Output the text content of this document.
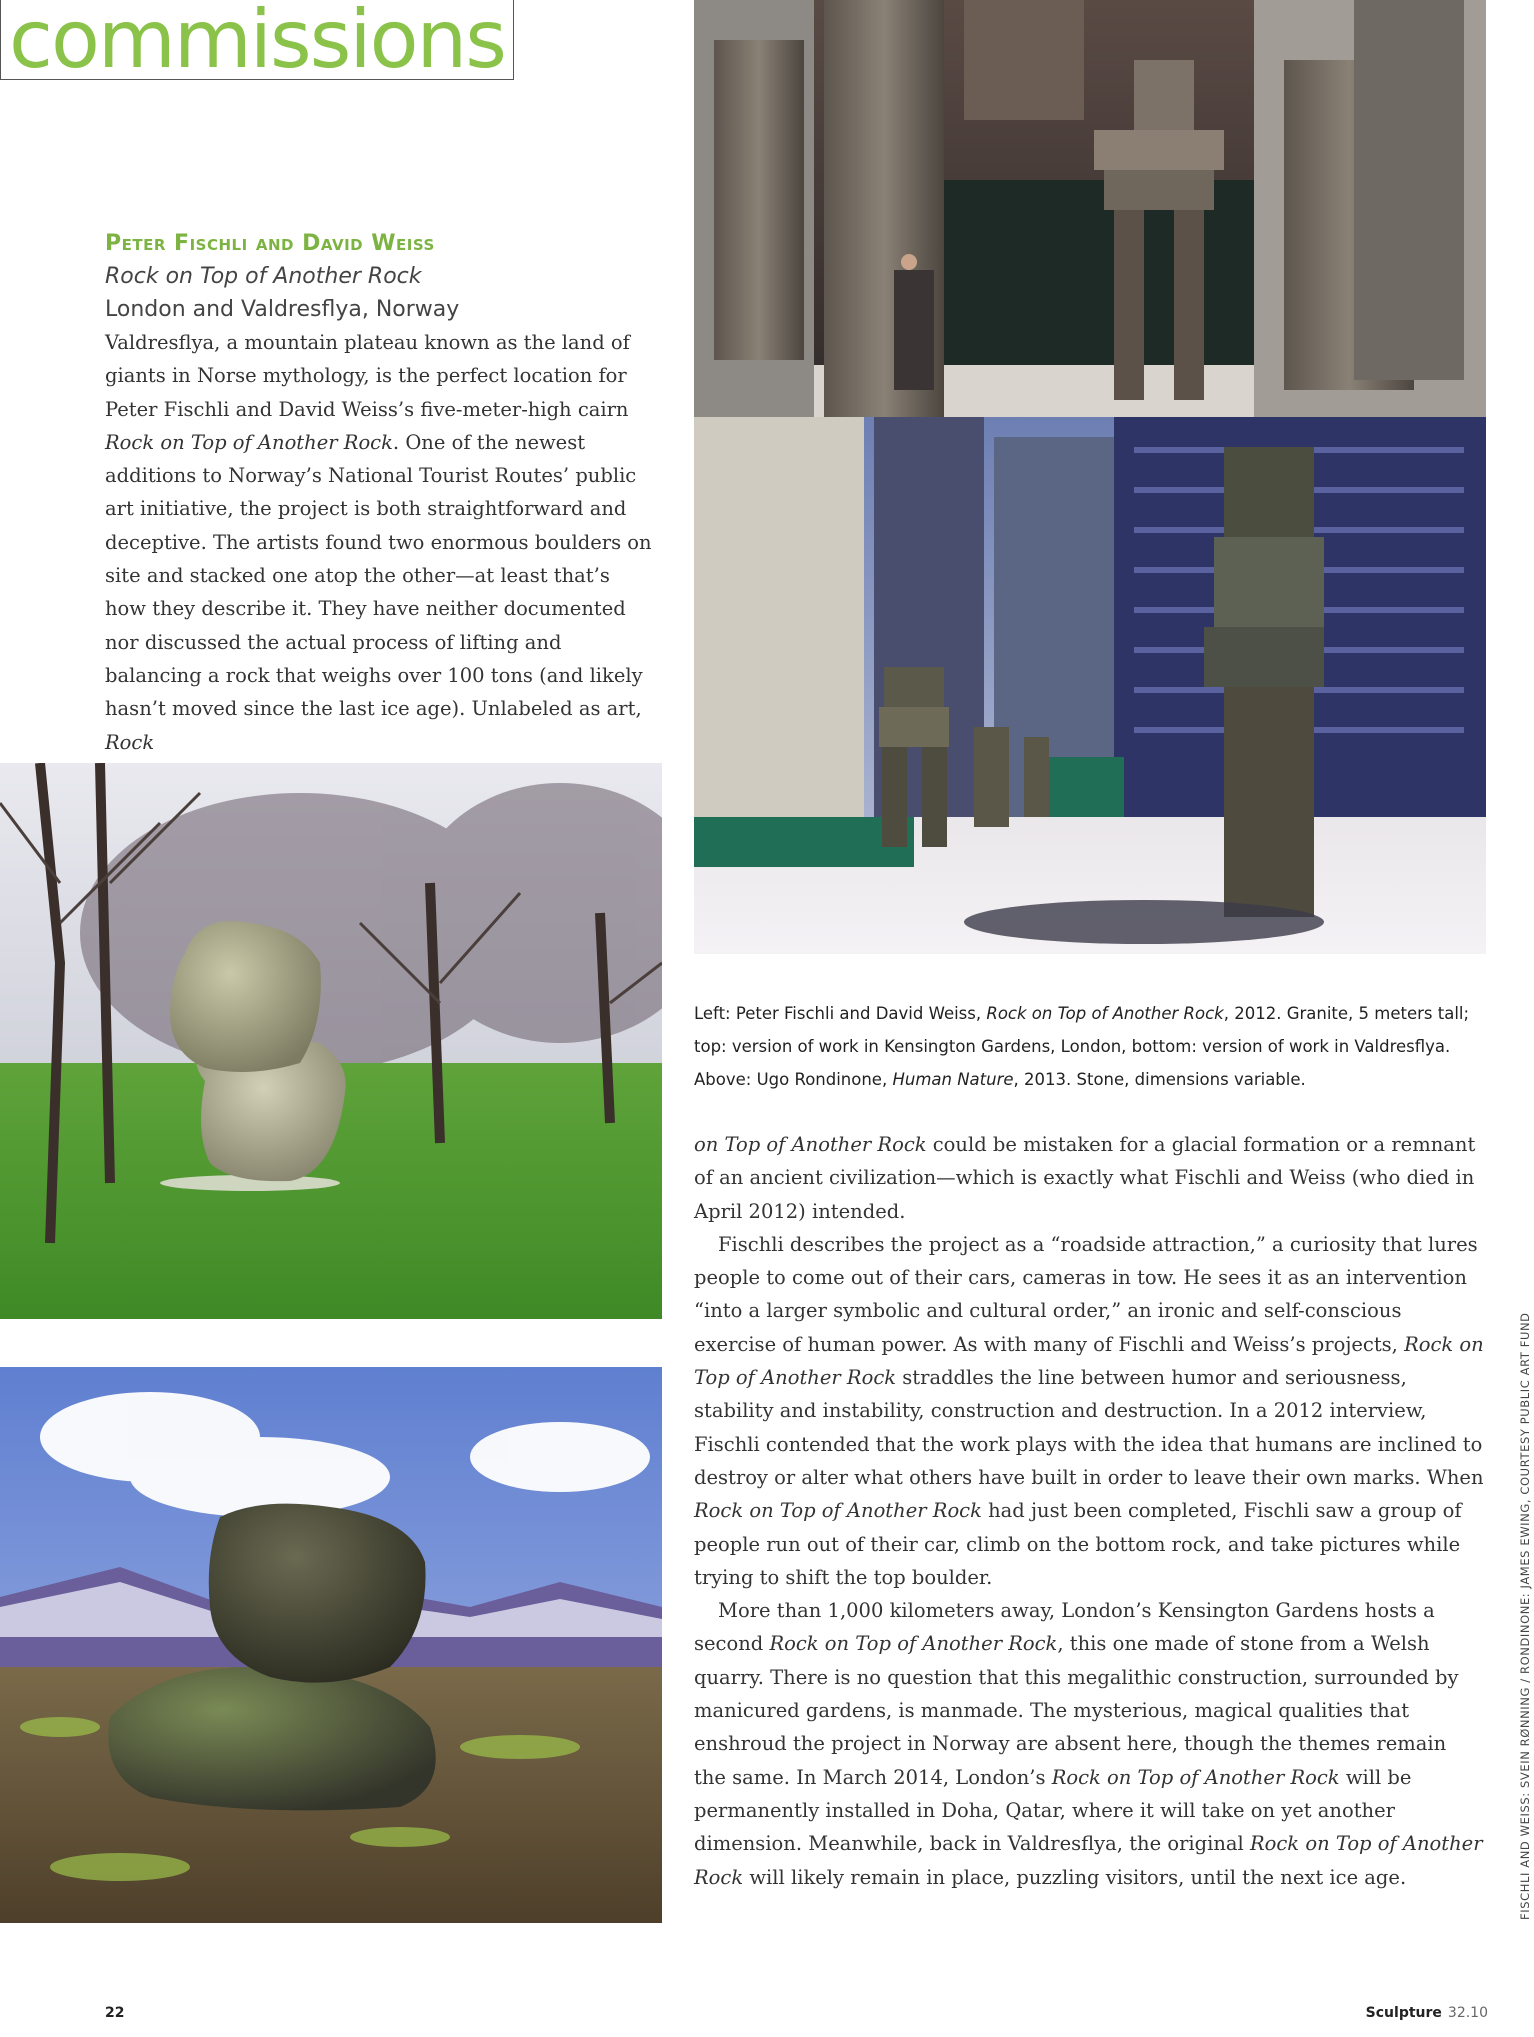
commissions

Peter Fischli and David Weiss

Rock on Top of Another Rock

London and Valdresflya, Norway

Valdresflya, a mountain plateau known as the land of giants in Norse mythology, is the perfect location for Peter Fischli and David Weiss’s five-meter-high cairn Rock on Top of Another Rock. One of the newest additions to Norway’s National Tourist Routes’ public art initiative, the project is both straightforward and deceptive. The artists found two enormous boulders on site and stacked one atop the other—at least that’s how they describe it. They have neither documented nor discussed the actual process of lifting and balancing a rock that weighs over 100 tons (and likely hasn’t moved since the last ice age). Unlabeled as art, Rock

Left: Peter Fischli and David Weiss, Rock on Top of Another Rock, 2012. Granite, 5 meters tall;

top: version of work in Kensington Gardens, London, bottom: version of work in Valdresflya.

Above: Ugo Rondinone, Human Nature, 2013. Stone, dimensions variable.

on Top of Another Rock could be mistaken for a glacial formation or a remnant of an ancient civilization—which is exactly what Fischli and Weiss (who died in April 2012) intended.

Fischli describes the project as a “roadside attraction,” a curiosity that lures people to come out of their cars, cameras in tow. He sees it as an intervention “into a larger symbolic and cultural order,” an ironic and self-conscious exercise of human power. As with many of Fischli and Weiss’s projects, Rock on Top of Another Rock straddles the line between humor and seriousness, stability and instability, construction and destruction. In a 2012 interview, Fischli contended that the work plays with the idea that humans are inclined to destroy or alter what others have built in order to leave their own marks. When Rock on Top of Another Rock had just been completed, Fischli saw a group of people run out of their car, climb on the bottom rock, and take pictures while trying to shift the top boulder.

More than 1,000 kilometers away, London’s Kensington Gardens hosts a second Rock on Top of Another Rock, this one made of stone from a Welsh quarry. There is no question that this megalithic construction, surrounded by manicured gardens, is manmade. The mysterious, magical qualities that enshroud the project in Norway are absent here, though the themes remain the same. In March 2014, London’s Rock on Top of Another Rock will be permanently installed in Doha, Qatar, where it will take on yet another dimension. Meanwhile, back in Valdresflya, the original Rock on Top of Another Rock will likely remain in place, puzzling visitors, until the next ice age.	FISCHLI AND WEISS: SVEIN RØNNING / RONDINONE: JAMES EWING, COURTESY PUBLIC ART FUND
22	Sculpture 32.10
